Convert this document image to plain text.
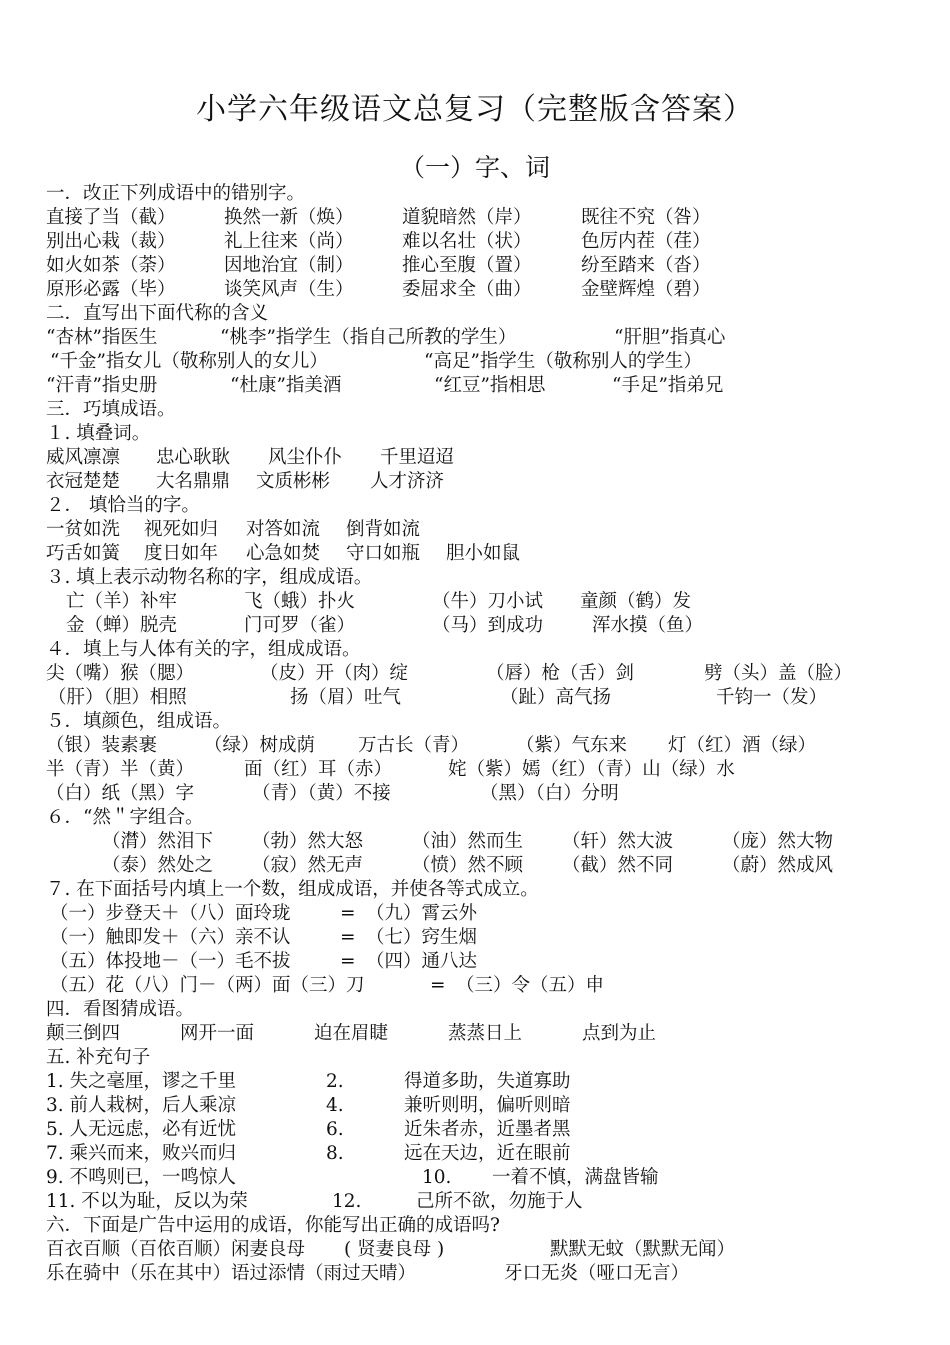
小学六年级语文总复习（完整版含答案）
（一）字、词
一．改正下列成语中的错别字。
直接了当（截）	换然一新（焕）	道貌暗然（岸）	既往不究（咎）
别出心栽（裁）	礼上往来（尚）	难以名壮（状）	色厉内茬（荏）
如火如茶（荼）	因地治宜（制）	推心至腹（置）	纷至踏来（沓）
原形必露（毕）	谈笑风声（生）	委屈求全（曲）	金壁辉煌（碧）
二．直写出下面代称的含义
“杏林”指医生	“桃李”指学生（指自己所教的学生）	“肝胆”指真心
“千金”指女儿（敬称别人的女儿）	“高足”指学生（敬称别人的学生）
“汗青”指史册	“杜康”指美酒	“红豆”指相思	“手足”指弟兄
三．巧填成语。
１. 填叠词。
威风凛凛 忠心耿耿 风尘仆仆 千里迢迢
衣冠楚楚 大名鼎鼎 文质彬彬 人才济济
２． 填恰当的字。
一贫如洗 视死如归 对答如流 倒背如流
巧舌如簧 度日如年 心急如焚 守口如瓶 胆小如鼠
３. 填上表示动物名称的字，组成成语。
亡（羊）补牢	飞（蛾）扑火	（牛）刀小试 童颜（鹤）发
金（蝉）脱壳	门可罗（雀）	（马）到成功	浑水摸（鱼）
４．填上与人体有关的字，组成成语。
尖（嘴）猴（腮）	（皮）开（肉）绽	（唇）枪（舌）剑	劈（头）盖（脸）
（肝）（胆）相照	扬（眉）吐气	（趾）高气扬	千钧一（发）
５．填颜色，组成语。
（银）装素裹	（绿）树成荫 万古长（青）	（紫）气东来 灯（红）酒（绿）
半（青）半（黄）	面（红）耳（赤）	姹（紫）嫣（红）（青）山（绿）水
（白）纸（黑）字	（青）（黄）不接	（黑）（白）分明
６．“然＂字组合。
（潸）然泪下 （勃）然大怒	（油）然而生 （轩）然大波	（庞）然大物
（泰）然处之 （寂）然无声	（愤）然不顾 （截）然不同	（蔚）然成风
７. 在下面括号内填上一个数，组成成语，并使各等式成立。
（一）步登天＋（八）面玲珑	= （九）霄云外
（一）触即发＋（六）亲不认	= （七）窍生烟
（五）体投地－（一）毛不拔	= （四）通八达
（五）花（八）门－（两）面（三）刀	= （三）令（五）申
四．看图猜成语。
颠三倒四	网开一面	迫在眉睫	蒸蒸日上	点到为止
五. 补充句子
1. 失之毫厘，谬之千里	2.	得道多助，失道寡助
3. 前人栽树，后人乘凉	4.	兼听则明，偏听则暗
5. 人无远虑，必有近忧	6.	近朱者赤，近墨者黑
7. 乘兴而来，败兴而归	8.	远在天边，近在眼前
9. 不鸣则已，一鸣惊人	10. 一着不慎，满盘皆输
11. 不以为耻，反以为荣	12.	己所不欲，勿施于人
六．下面是广告中运用的成语，你能写出正确的成语吗?
百衣百顺（百依百顺）闲妻良母 ( 贤妻良母 )	默默无蚊（默默无闻）
乐在骑中（乐在其中）语过添情（雨过天晴）	牙口无炎（哑口无言）
